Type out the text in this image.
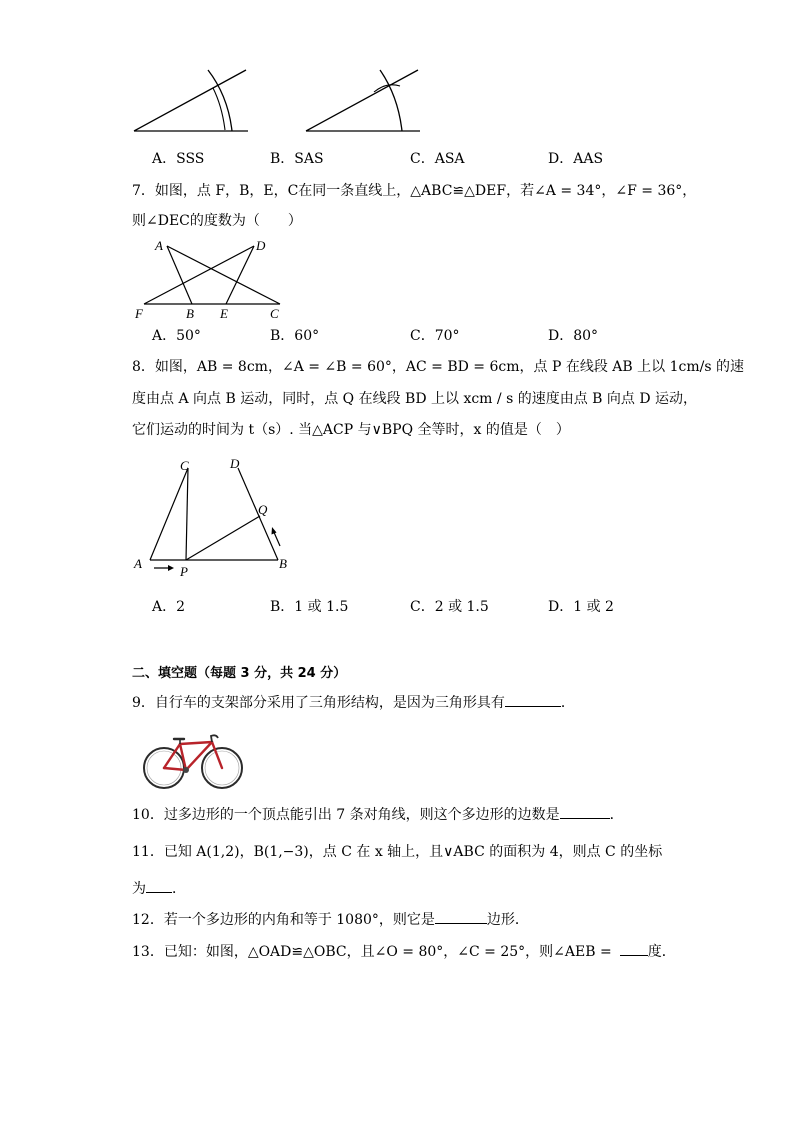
A．SSS	B．SAS	C．ASA	D．AAS
7．如图，点 F，B，E，C在同一条直线上，△ABC≌△DEF，若∠A = 34°，∠F = 36°，
则∠DEC的度数为（　　）
A	D
F	B E	C
A．50°	B．60°	C．70°	D．80°
8．如图，AB = 8cm，∠A = ∠B = 60°，AC = BD = 6cm，点 P 在线段 AB 上以 1cm/s 的速
度由点 A 向点 B 运动，同时，点 Q 在线段 BD 上以 xcm / s 的速度由点 B 向点 D 运动，
它们运动的时间为 t（s）. 当△ACP 与∨BPQ 全等时，x 的值是（　）
C	D
Q
A
P
B
A．2	B．1 或 1.5	C．2 或 1.5	D．1 或 2
二、填空题（每题 3 分，共 24 分）
9．自行车的支架部分采用了三角形结构，是因为三角形具有	．
10．过多边形的一个顶点能引出 7 条对角线，则这个多边形的边数是	．
11．已知 A(1,2)，B(1,−3)，点 C 在 x 轴上，且∨ABC 的面积为 4，则点 C 的坐标
为 ．
12．若一个多边形的内角和等于 1080°，则它是	边形．
13．已知：如图，△OAD≌△OBC，且∠O = 80°，∠C = 25°，则∠AEB =	度．
